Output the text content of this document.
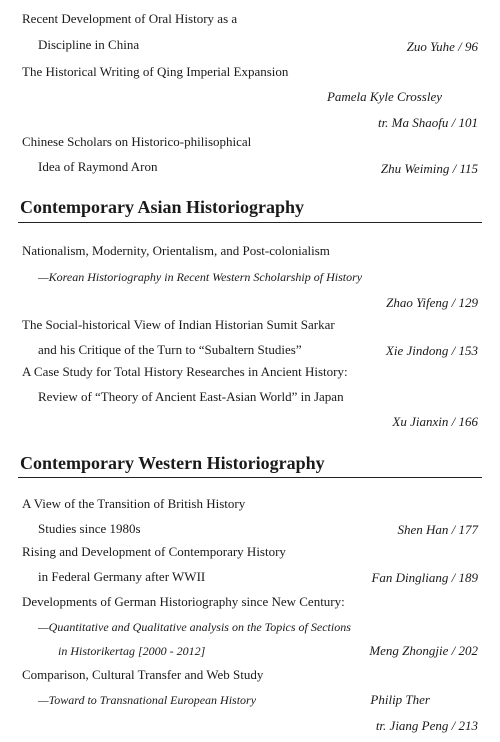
Recent Development of Oral History as a
Discipline in China	Zuo Yuhe / 96
The Historical Writing of Qing Imperial Expansion
Pamela Kyle Crossley
tr. Ma Shaofu / 101
Chinese Scholars on Historico-philisophical
Idea of Raymond Aron	Zhu Weiming / 115
Contemporary Asian Historiography
Nationalism, Modernity, Orientalism, and Post-colonialism
—Korean Historiography in Recent Western Scholarship of History
Zhao Yifeng / 129
The Social-historical View of Indian Historian Sumit Sarkar
and his Critique of the Turn to “Subaltern Studies”	Xie Jindong / 153
A Case Study for Total History Researches in Ancient History:
Review of “Theory of Ancient East-Asian World” in Japan
Xu Jianxin / 166
Contemporary Western Historiography
A View of the Transition of British History
Studies since 1980s	Shen Han / 177
Rising and Development of Contemporary History
in Federal Germany after WWII	Fan Dingliang / 189
Developments of German Historiography since New Century:
—Quantitative and Qualitative analysis on the Topics of Sections
in Historikertag [2000 - 2012]	Meng Zhongjie / 202
Comparison, Cultural Transfer and Web Study
—Toward to Transnational European History	Philip Ther
tr. Jiang Peng / 213
